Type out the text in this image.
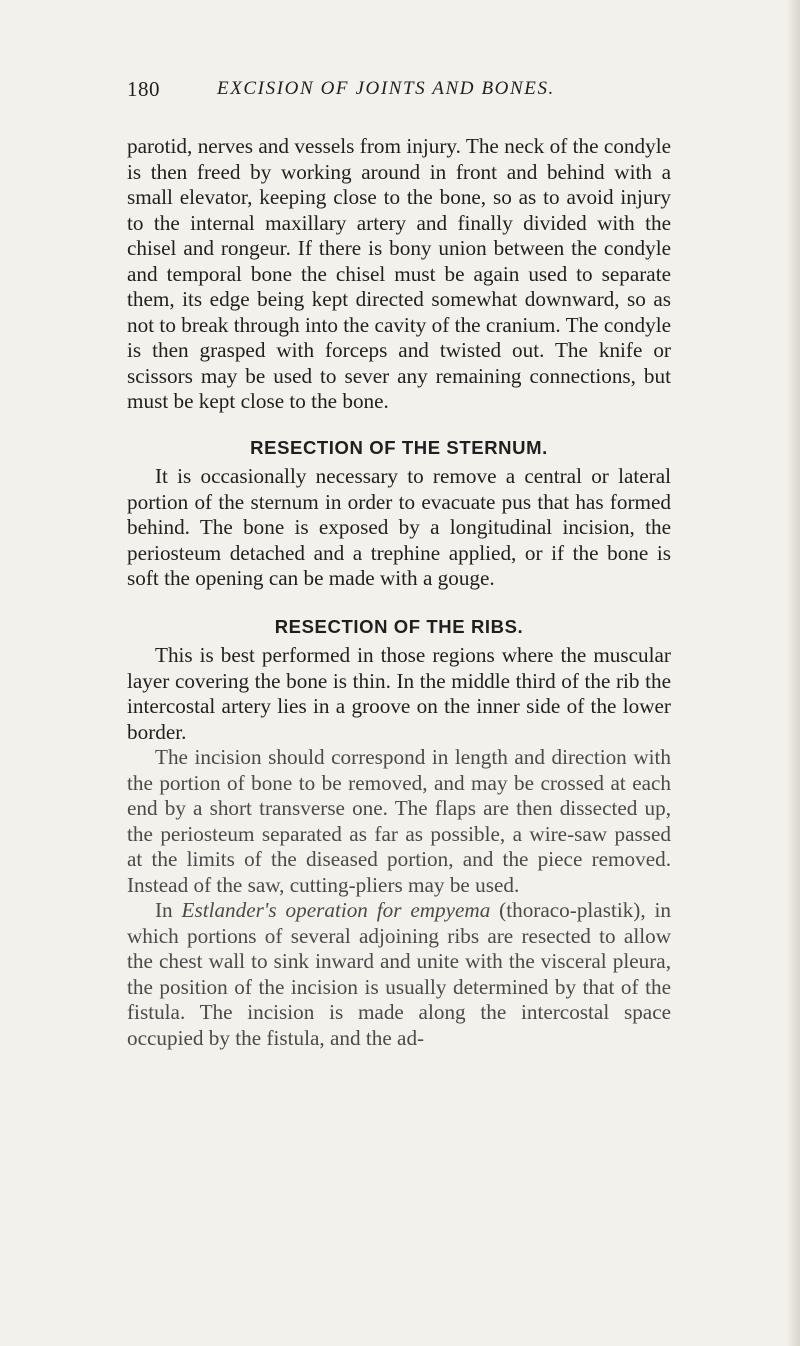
180	EXCISION OF JOINTS AND BONES.

parotid, nerves and vessels from injury. The neck of the condyle is then freed by working around in front and behind with a small elevator, keeping close to the bone, so as to avoid injury to the internal maxillary artery and finally divided with the chisel and rongeur. If there is bony union between the condyle and temporal bone the chisel must be again used to separate them, its edge being kept directed somewhat downward, so as not to break through into the cavity of the cranium. The condyle is then grasped with forceps and twisted out. The knife or scissors may be used to sever any remaining connections, but must be kept close to the bone.

RESECTION OF THE STERNUM.

It is occasionally necessary to remove a central or lateral portion of the sternum in order to evacuate pus that has formed behind. The bone is exposed by a longitudinal incision, the periosteum detached and a trephine applied, or if the bone is soft the opening can be made with a gouge.

RESECTION OF THE RIBS.

This is best performed in those regions where the muscular layer covering the bone is thin. In the middle third of the rib the intercostal artery lies in a groove on the inner side of the lower border.

The incision should correspond in length and direction with the portion of bone to be removed, and may be crossed at each end by a short transverse one. The flaps are then dissected up, the periosteum separated as far as possible, a wire-saw passed at the limits of the diseased portion, and the piece removed. Instead of the saw, cutting-pliers may be used.

In Estlander's operation for empyema (thoraco-plastik), in which portions of several adjoining ribs are resected to allow the chest wall to sink inward and unite with the visceral pleura, the position of the incision is usually determined by that of the fistula. The incision is made along the intercostal space occupied by the fistula, and the ad-
